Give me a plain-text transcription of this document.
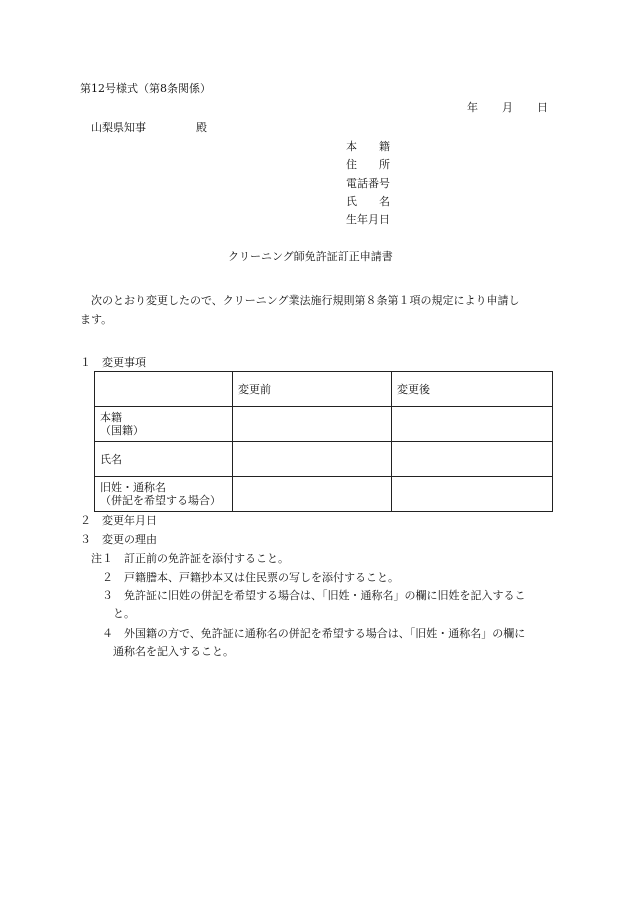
第12号様式（第8条関係）
年 月 日
山梨県知事	殿
本　　籍
住　　所
電話番号
氏　　名
生年月日
クリーニング師免許証訂正申請書
次のとおり変更したので、クリーニング業法施行規則第８条第１項の規定により申請し
ます。
１ 変更事項
	変更前	変更後

本籍
（国籍）		

氏名		

旧姓・通称名
（併記を希望する場合）		

２ 変更年月日
３ 変更の理由
注 １ 訂正前の免許証を添付すること。
２ 戸籍謄本、戸籍抄本又は住民票の写しを添付すること。
３ 免許証に旧姓の併記を希望する場合は、「旧姓・通称名」の欄に旧姓を記入するこ
と。
４ 外国籍の方で、免許証に通称名の併記を希望する場合は、「旧姓・通称名」の欄に
通称名を記入すること。
